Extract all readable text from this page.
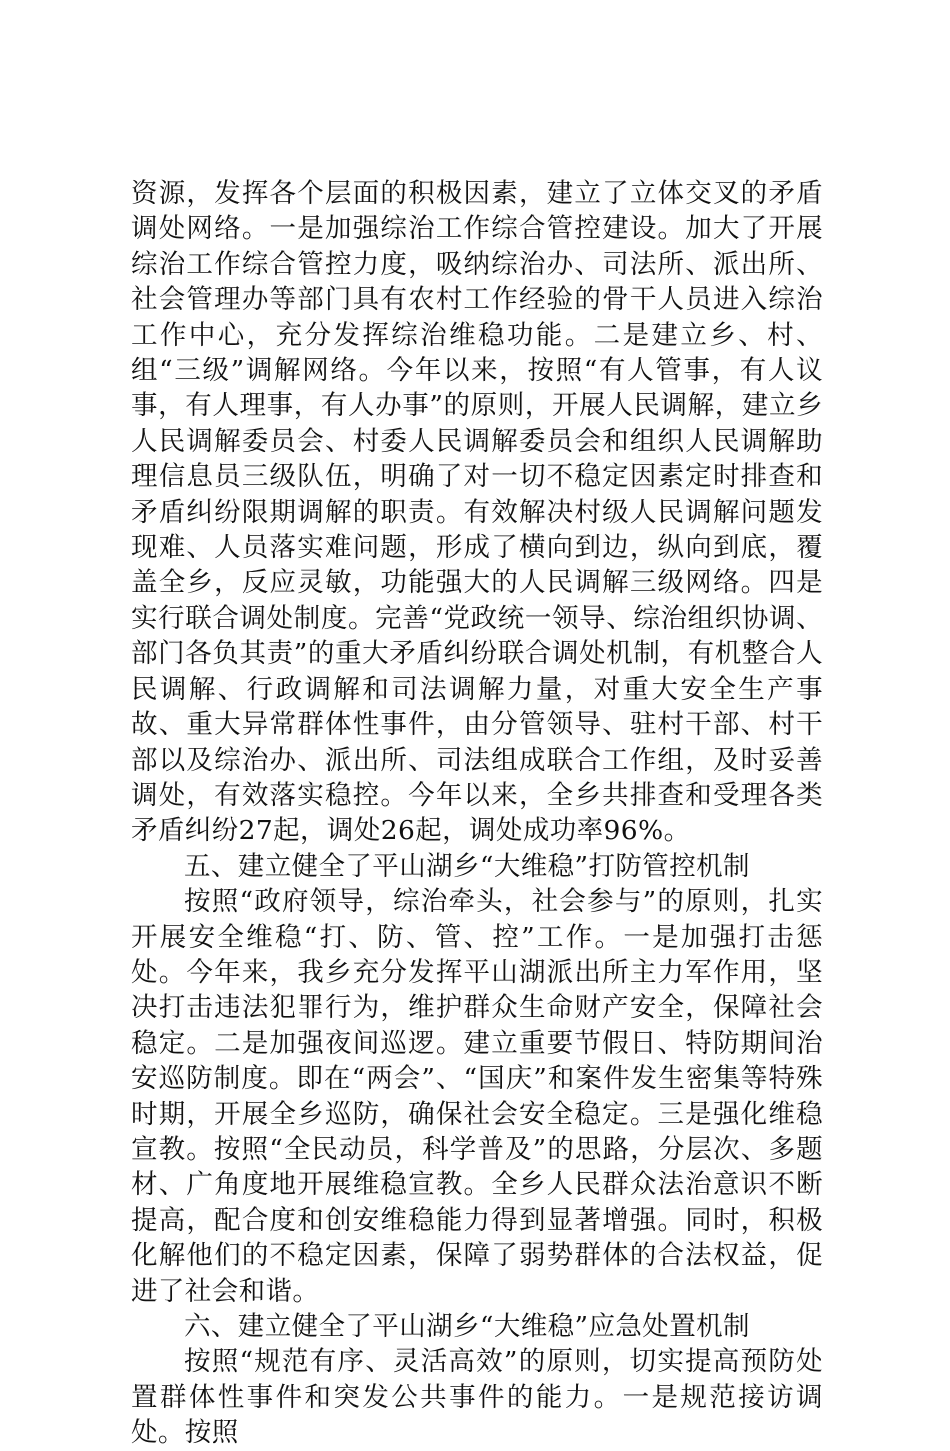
资源，发挥各个层面的积极因素，建立了立体交叉的矛盾调处网络。一是加强综治工作综合管控建设。加大了开展综治工作综合管控力度，吸纳综治办、司法所、派出所、社会管理办等部门具有农村工作经验的骨干人员进入综治工作中心，充分发挥综治维稳功能。二是建立乡、村、组“三级”调解网络。今年以来，按照“有人管事，有人议事，有人理事，有人办事”的原则，开展人民调解，建立乡人民调解委员会、村委人民调解委员会和组织人民调解助理信息员三级队伍，明确了对一切不稳定因素定时排查和矛盾纠纷限期调解的职责。有效解决村级人民调解问题发现难、人员落实难问题，形成了横向到边，纵向到底，覆盖全乡，反应灵敏，功能强大的人民调解三级网络。四是实行联合调处制度。完善“党政统一领导、综治组织协调、部门各负其责”的重大矛盾纠纷联合调处机制，有机整合人民调解、行政调解和司法调解力量，对重大安全生产事故、重大异常群体性事件，由分管领导、驻村干部、村干部以及综治办、派出所、司法组成联合工作组，及时妥善调处，有效落实稳控。今年以来，全乡共排查和受理各类矛盾纠纷27起，调处26起，调处成功率96%。

五、建立健全了平山湖乡“大维稳”打防管控机制

按照“政府领导，综治牵头，社会参与”的原则，扎实开展安全维稳“打、防、管、控”工作。一是加强打击惩处。今年来，我乡充分发挥平山湖派出所主力军作用，坚决打击违法犯罪行为，维护群众生命财产安全，保障社会稳定。二是加强夜间巡逻。建立重要节假日、特防期间治安巡防制度。即在“两会”、“国庆”和案件发生密集等特殊时期，开展全乡巡防，确保社会安全稳定。三是强化维稳宣教。按照“全民动员，科学普及”的思路，分层次、多题材、广角度地开展维稳宣教。全乡人民群众法治意识不断提高，配合度和创安维稳能力得到显著增强。同时，积极化解他们的不稳定因素，保障了弱势群体的合法权益，促进了社会和谐。

六、建立健全了平山湖乡“大维稳”应急处置机制

按照“规范有序、灵活高效”的原则，切实提高预防处置群体性事件和突发公共事件的能力。一是规范接访调处。按照
